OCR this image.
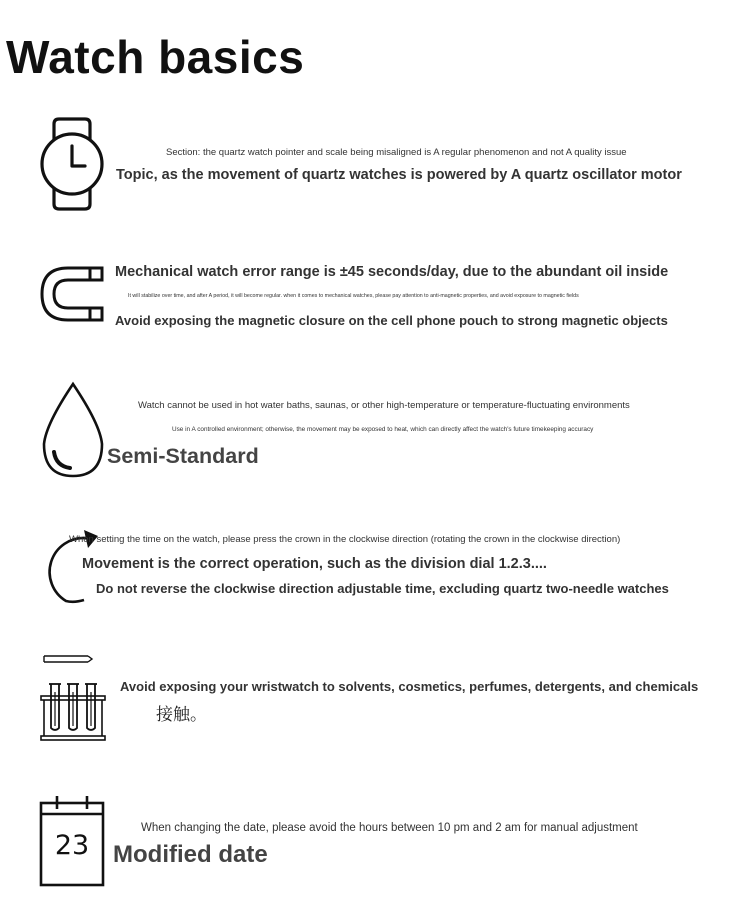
Watch basics
Section: the quartz watch pointer and scale being misaligned is A regular phenomenon and not A quality issue
Topic, as the movement of quartz watches is powered by A quartz oscillator motor
Mechanical watch error range is ±45 seconds/day, due to the abundant oil inside
It will stabilize over time, and after A period, it will become regular. when it comes to mechanical watches, please pay attention to anti-magnetic properties, and avoid exposure to magnetic fields
Avoid exposing the magnetic closure on the cell phone pouch to strong magnetic objects
Watch cannot be used in hot water baths, saunas, or other high-temperature or temperature-fluctuating environments
Use in A controlled environment; otherwise, the movement may be exposed to heat, which can directly affect the watch's future timekeeping accuracy
Semi-Standard
When setting the time on the watch, please press the crown in the clockwise direction (rotating the crown in the clockwise direction)
Movement is the correct operation, such as the division dial 1.2.3....
Do not reverse the clockwise direction adjustable time, excluding quartz two-needle watches
Avoid exposing your wristwatch to solvents, cosmetics, perfumes, detergents, and chemicals
接触。
23
When changing the date, please avoid the hours between 10 pm and 2 am for manual adjustment
Modified date
